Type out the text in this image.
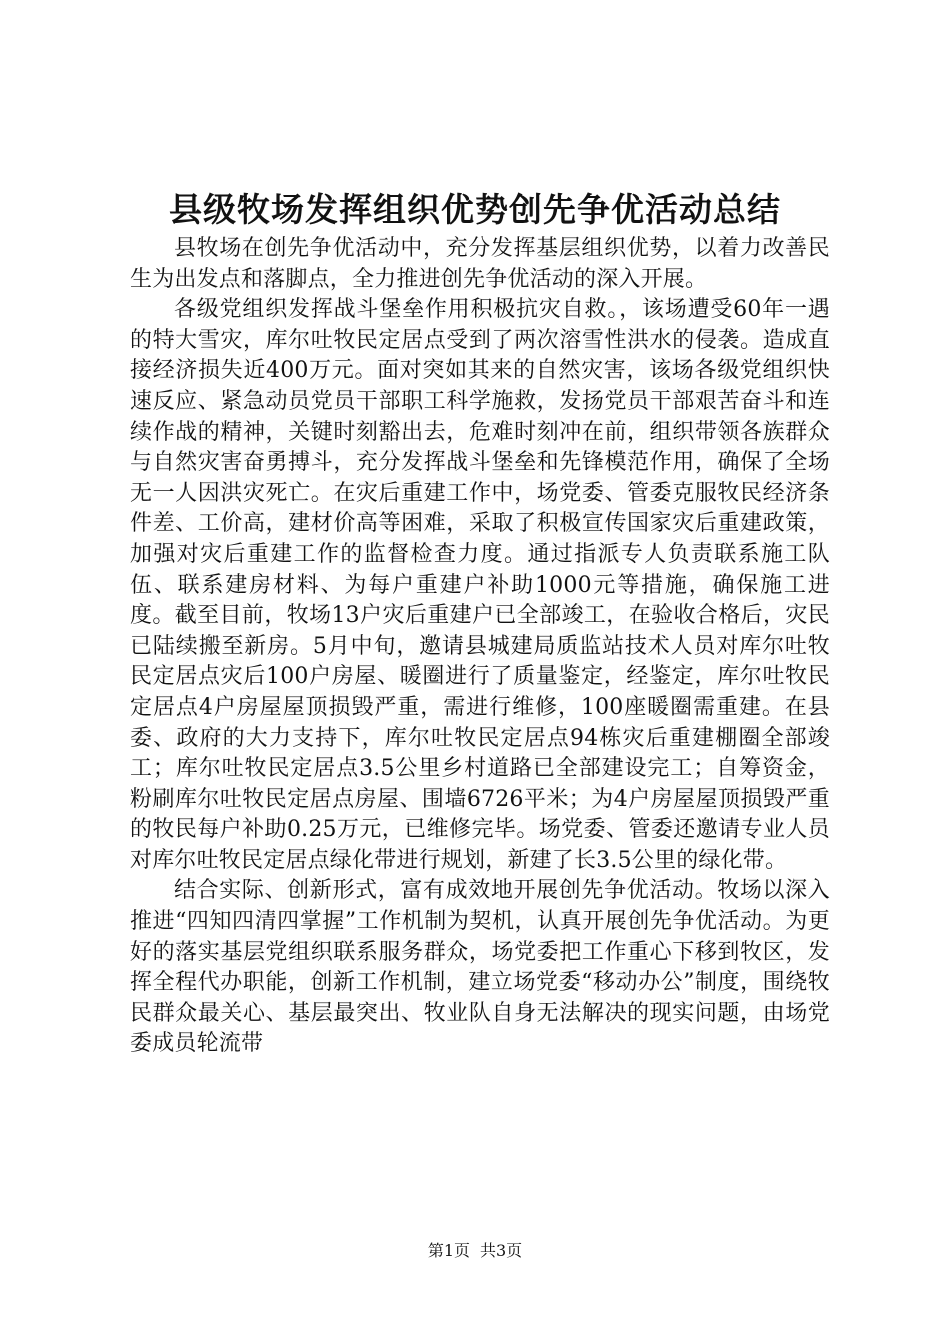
县级牧场发挥组织优势创先争优活动总结

县牧场在创先争优活动中，充分发挥基层组织优势，以着力改善民生为出发点和落脚点，全力推进创先争优活动的深入开展。

各级党组织发挥战斗堡垒作用积极抗灾自救。，该场遭受60年一遇的特大雪灾，库尔吐牧民定居点受到了两次溶雪性洪水的侵袭。造成直接经济损失近400万元。面对突如其来的自然灾害，该场各级党组织快速反应、紧急动员党员干部职工科学施救，发扬党员干部艰苦奋斗和连续作战的精神，关键时刻豁出去，危难时刻冲在前，组织带领各族群众与自然灾害奋勇搏斗，充分发挥战斗堡垒和先锋模范作用，确保了全场无一人因洪灾死亡。在灾后重建工作中，场党委、管委克服牧民经济条件差、工价高，建材价高等困难，采取了积极宣传国家灾后重建政策，加强对灾后重建工作的监督检查力度。通过指派专人负责联系施工队伍、联系建房材料、为每户重建户补助1000元等措施，确保施工进度。截至目前，牧场13户灾后重建户已全部竣工，在验收合格后，灾民已陆续搬至新房。5月中旬，邀请县城建局质监站技术人员对库尔吐牧民定居点灾后100户房屋、暖圈进行了质量鉴定，经鉴定，库尔吐牧民定居点4户房屋屋顶损毁严重，需进行维修，100座暖圈需重建。在县委、政府的大力支持下，库尔吐牧民定居点94栋灾后重建棚圈全部竣工；库尔吐牧民定居点3.5公里乡村道路已全部建设完工；自筹资金，粉刷库尔吐牧民定居点房屋、围墙6726平米；为4户房屋屋顶损毁严重的牧民每户补助0.25万元，已维修完毕。场党委、管委还邀请专业人员对库尔吐牧民定居点绿化带进行规划，新建了长3.5公里的绿化带。

结合实际、创新形式，富有成效地开展创先争优活动。牧场以深入推进“四知四清四掌握”工作机制为契机，认真开展创先争优活动。为更好的落实基层党组织联系服务群众，场党委把工作重心下移到牧区，发挥全程代办职能，创新工作机制，建立场党委“移动办公”制度，围绕牧民群众最关心、基层最突出、牧业队自身无法解决的现实问题，由场党委成员轮流带

第1页 共3页
